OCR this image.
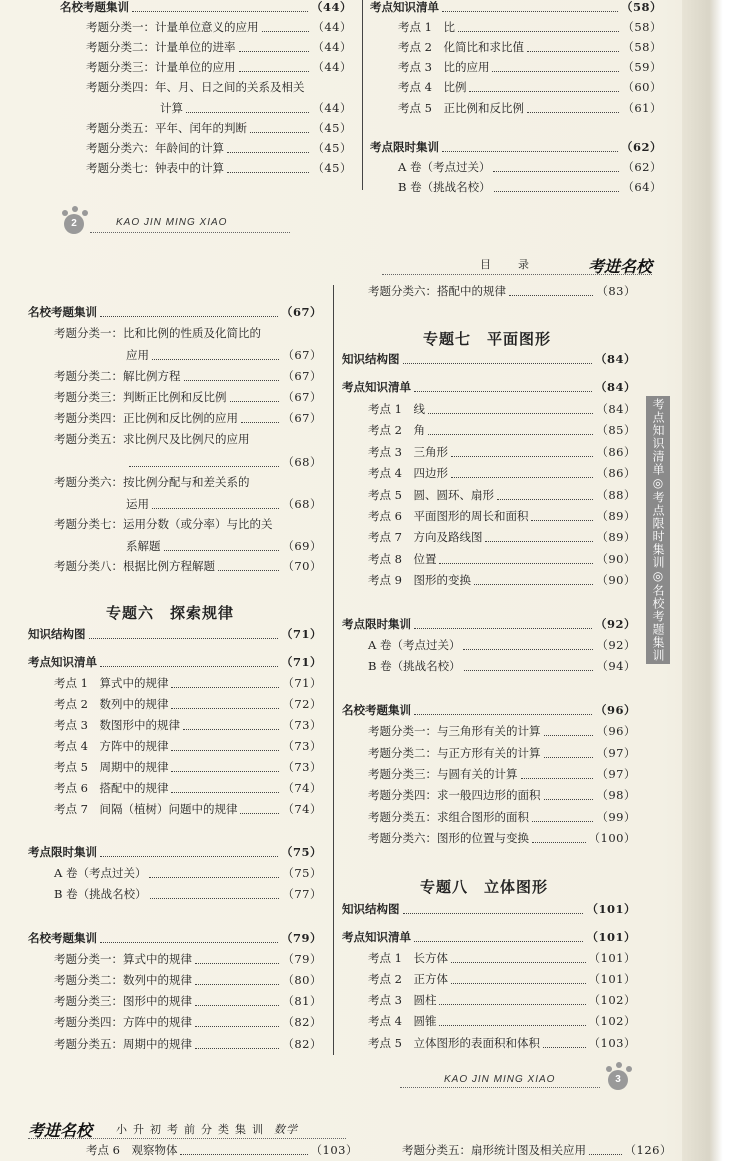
名校考题集训	（44）
考题分类一：计量单位意义的应用	（44）
考题分类二：计量单位的进率	（44）
考题分类三：计量单位的应用	（44）
考题分类四：年、月、日之间的关系及相关
计算	（44）
考题分类五：平年、闰年的判断	（45）
考题分类六：年龄间的计算	（45）
考题分类七：钟表中的计算	（45）
考点知识清单	（58）
考点 1　比	（58）
考点 2　化简比和求比值	（58）
考点 3　比的应用	（59）
考点 4　比例	（60）
考点 5　正比例和反比例	（61）
考点限时集训	（62）
A 卷（考点过关）	（62）
B 卷（挑战名校）	（64）
2	KAO JIN MING XIAO
目　录	考进名校
名校考题集训	（67）
考题分类一：比和比例的性质及化简比的
应用	（67）
考题分类二：解比例方程	（67）
考题分类三：判断正比例和反比例	（67）
考题分类四：正比例和反比例的应用	（67）
考题分类五：求比例尺及比例尺的应用
（68）
考题分类六：按比例分配与和差关系的
运用	（68）
考题分类七：运用分数（或分率）与比的关
系解题	（69）
考题分类八：根据比例方程解题	（70）
专题六　探索规律
知识结构图	（71）
考点知识清单	（71）
考点 1　算式中的规律	（71）
考点 2　数列中的规律	（72）
考点 3　数图形中的规律	（73）
考点 4　方阵中的规律	（73）
考点 5　周期中的规律	（73）
考点 6　搭配中的规律	（74）
考点 7　间隔（植树）问题中的规律	（74）
考点限时集训	（75）
A 卷（考点过关）	（75）
B 卷（挑战名校）	（77）
名校考题集训	（79）
考题分类一：算式中的规律	（79）
考题分类二：数列中的规律	（80）
考题分类三：图形中的规律	（81）
考题分类四：方阵中的规律	（82）
考题分类五：周期中的规律	（82）
考题分类六：搭配中的规律	（83）
专题七　平面图形
知识结构图	（84）
考点知识清单	（84）
考点 1　线	（84）
考点 2　角	（85）
考点 3　三角形	（86）
考点 4　四边形	（86）
考点 5　圆、圆环、扇形	（88）
考点 6　平面图形的周长和面积	（89）
考点 7　方向及路线图	（89）
考点 8　位置	（90）
考点 9　图形的变换	（90）
考点限时集训	（92）
A 卷（考点过关）	（92）
B 卷（挑战名校）	（94）
名校考题集训	（96）
考题分类一：与三角形有关的计算	（96）
考题分类二：与正方形有关的计算	（97）
考题分类三：与圆有关的计算	（97）
考题分类四：求一般四边形的面积	（98）
考题分类五：求组合图形的面积	（99）
考题分类六：图形的位置与变换	（100）
专题八　立体图形
知识结构图	（101）
考点知识清单	（101）
考点 1　长方体	（101）
考点 2　正方体	（101）
考点 3　圆柱	（102）
考点 4　圆锥	（102）
考点 5　立体图形的表面积和体积	（103）
考点知识清单◎考点限时集训◎名校考题集训
KAO JIN MING XIAO	3
考进名校 小升初考前分类集训 数学
考点 6　观察物体	（103）	考题分类五：扇形统计图及相关应用	（126）
